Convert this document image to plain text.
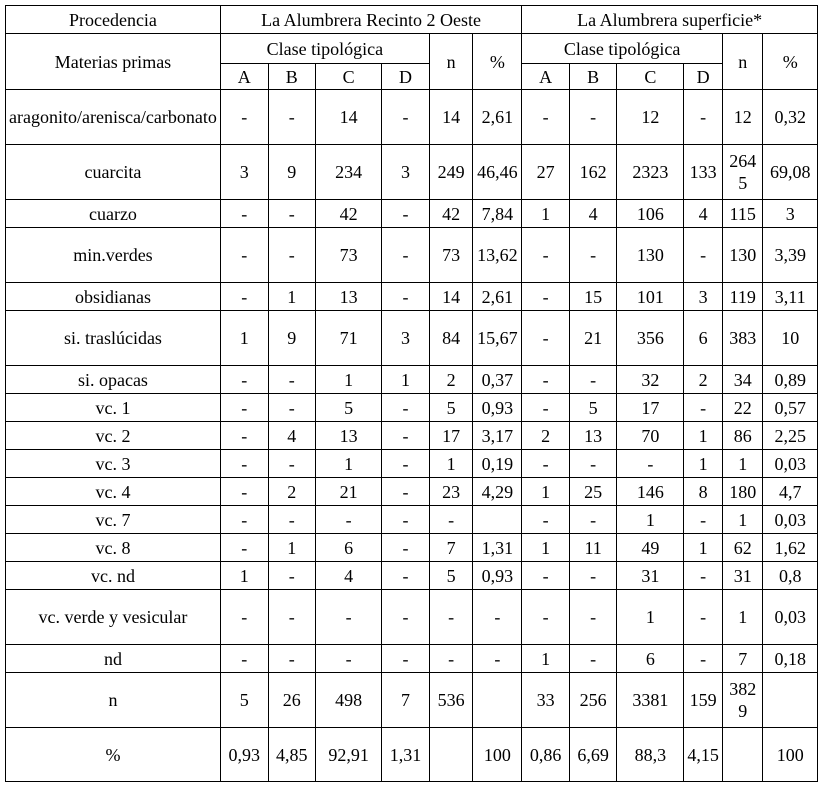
Procedencia	La Alumbrera Recinto 2 Oeste						La Alumbrera superficie*					
Materias primas	Clase tipológica				n	%	Clase tipológica				n	%
	A	B	C	D			A	B	C	D		
aragonito/arenisca/carbonato	-	-	14	-	14	2,61	-	-	12	-	12	0,32
cuarcita	3	9	234	3	249	46,46	27	162	2323	133	2645	69,08
cuarzo	-	-	42	-	42	7,84	1	4	106	4	115	3
min.verdes	-	-	73	-	73	13,62	-	-	130	-	130	3,39
obsidianas	-	1	13	-	14	2,61	-	15	101	3	119	3,11
si. traslúcidas	1	9	71	3	84	15,67	-	21	356	6	383	10
si. opacas	-	-	1	1	2	0,37	-	-	32	2	34	0,89
vc. 1	-	-	5	-	5	0,93	-	5	17	-	22	0,57
vc. 2	-	4	13	-	17	3,17	2	13	70	1	86	2,25
vc. 3	-	-	1	-	1	0,19	-	-	-	1	1	0,03
vc. 4	-	2	21	-	23	4,29	1	25	146	8	180	4,7
vc. 7	-	-	-	-	-		-	-	1	-	1	0,03
vc. 8	-	1	6	-	7	1,31	1	11	49	1	62	1,62
vc. nd	1	-	4	-	5	0,93	-	-	31	-	31	0,8
vc. verde y vesicular	-	-	-	-	-	-	-	-	1	-	1	0,03
nd	-	-	-	-	-	-	1	-	6	-	7	0,18
n	5	26	498	7	536		33	256	3381	159	3829	
%	0,93	4,85	92,91	1,31		100	0,86	6,69	88,3	4,15		100
